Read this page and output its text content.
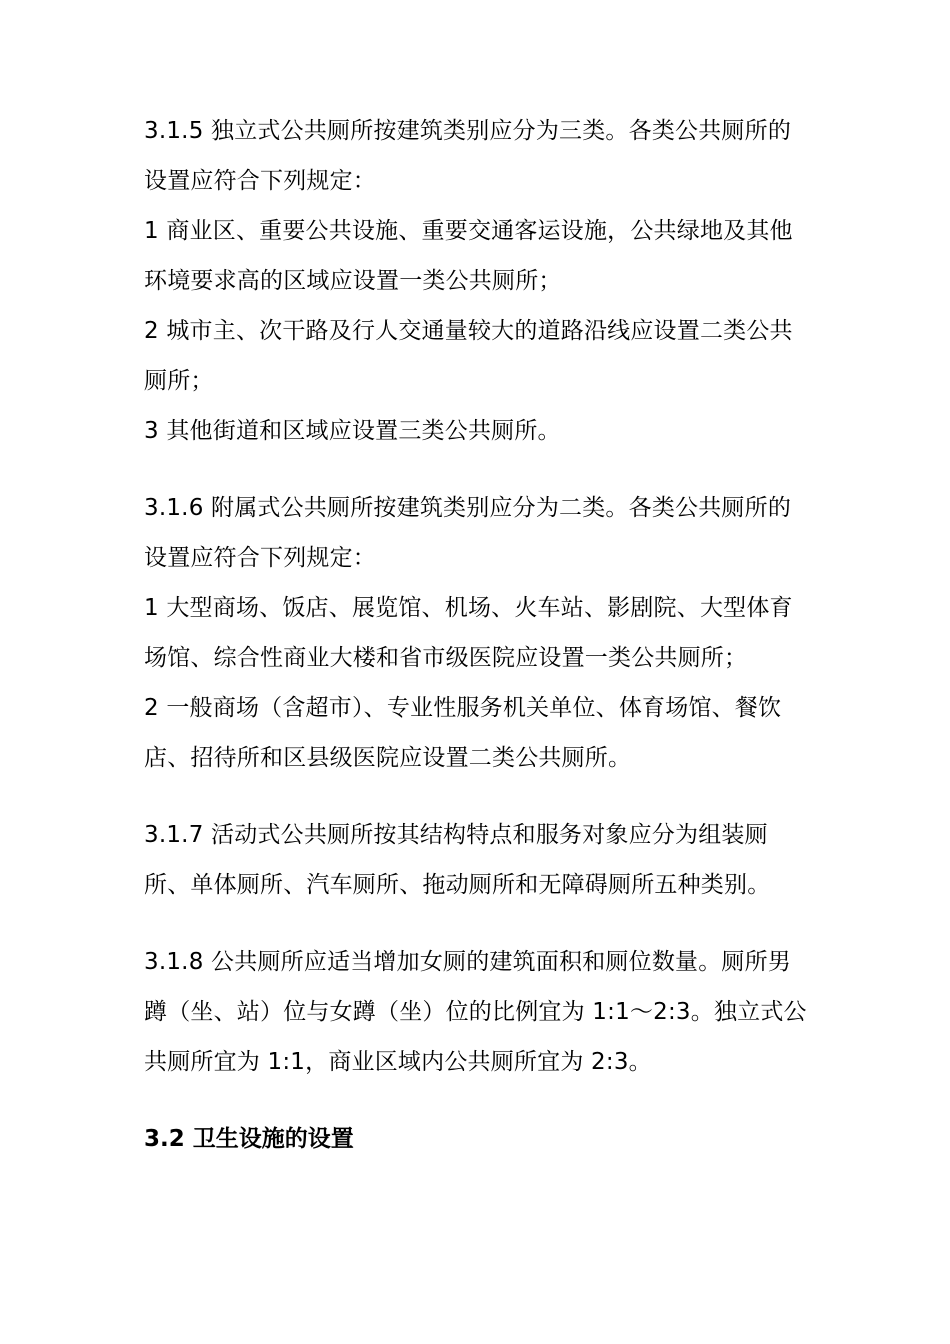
3.1.5 独立式公共厕所按建筑类别应分为三类。各类公共厕所的
设置应符合下列规定：
1 商业区、重要公共设施、重要交通客运设施，公共绿地及其他
环境要求高的区域应设置一类公共厕所；
2 城市主、次干路及行人交通量较大的道路沿线应设置二类公共
厕所；
3 其他街道和区域应设置三类公共厕所。
3.1.6 附属式公共厕所按建筑类别应分为二类。各类公共厕所的
设置应符合下列规定：
1 大型商场、饭店、展览馆、机场、火车站、影剧院、大型体育
场馆、综合性商业大楼和省市级医院应设置一类公共厕所；
2 一般商场（含超市）、专业性服务机关单位、体育场馆、餐饮
店、招待所和区县级医院应设置二类公共厕所。
3.1.7 活动式公共厕所按其结构特点和服务对象应分为组装厕
所、单体厕所、汽车厕所、拖动厕所和无障碍厕所五种类别。
3.1.8 公共厕所应适当增加女厕的建筑面积和厕位数量。厕所男
蹲（坐、站）位与女蹲（坐）位的比例宜为 1:1～2:3。独立式公
共厕所宜为 1:1，商业区域内公共厕所宜为 2:3。
3.2 卫生设施的设置
